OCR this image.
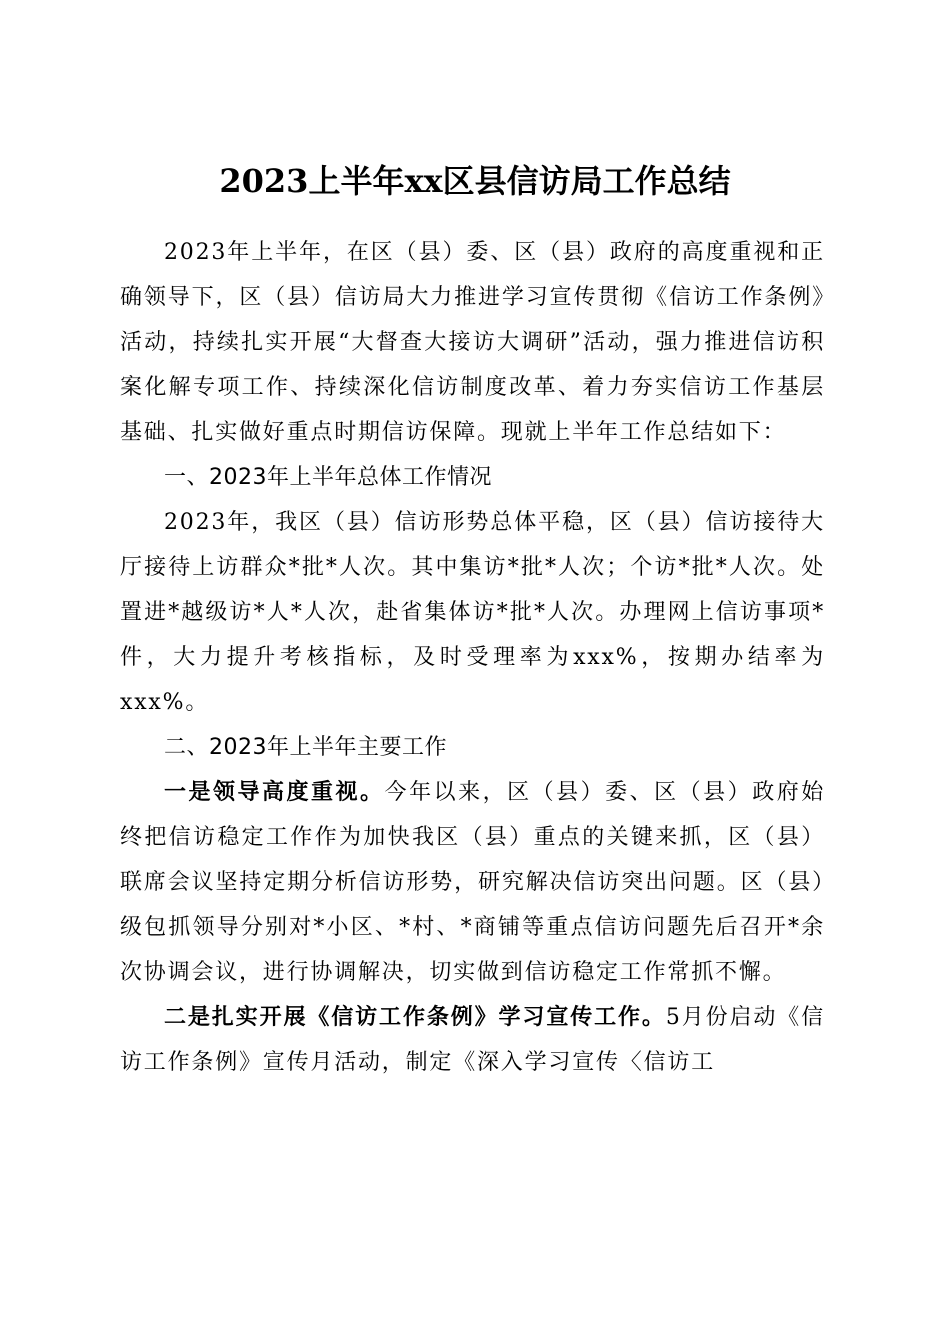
2023上半年xx区县信访局工作总结

2023年上半年，在区（县）委、区（县）政府的高度重视和正确领导下，区（县）信访局大力推进学习宣传贯彻《信访工作条例》活动，持续扎实开展“大督查大接访大调研”活动，强力推进信访积案化解专项工作、持续深化信访制度改革、着力夯实信访工作基层基础、扎实做好重点时期信访保障。现就上半年工作总结如下：

一、2023年上半年总体工作情况

2023年，我区（县）信访形势总体平稳，区（县）信访接待大厅接待上访群众*批*人次。其中集访*批*人次；个访*批*人次。处置进*越级访*人*人次，赴省集体访*批*人次。办理网上信访事项*件，大力提升考核指标，及时受理率为xxx%，按期办结率为xxx%。

二、2023年上半年主要工作

一是领导高度重视。今年以来，区（县）委、区（县）政府始终把信访稳定工作作为加快我区（县）重点的关键来抓，区（县）联席会议坚持定期分析信访形势，研究解决信访突出问题。区（县）级包抓领导分别对*小区、*村、*商铺等重点信访问题先后召开*余次协调会议，进行协调解决，切实做到信访稳定工作常抓不懈。

二是扎实开展《信访工作条例》学习宣传工作。5月份启动《信访工作条例》宣传月活动，制定《深入学习宣传〈信访工
